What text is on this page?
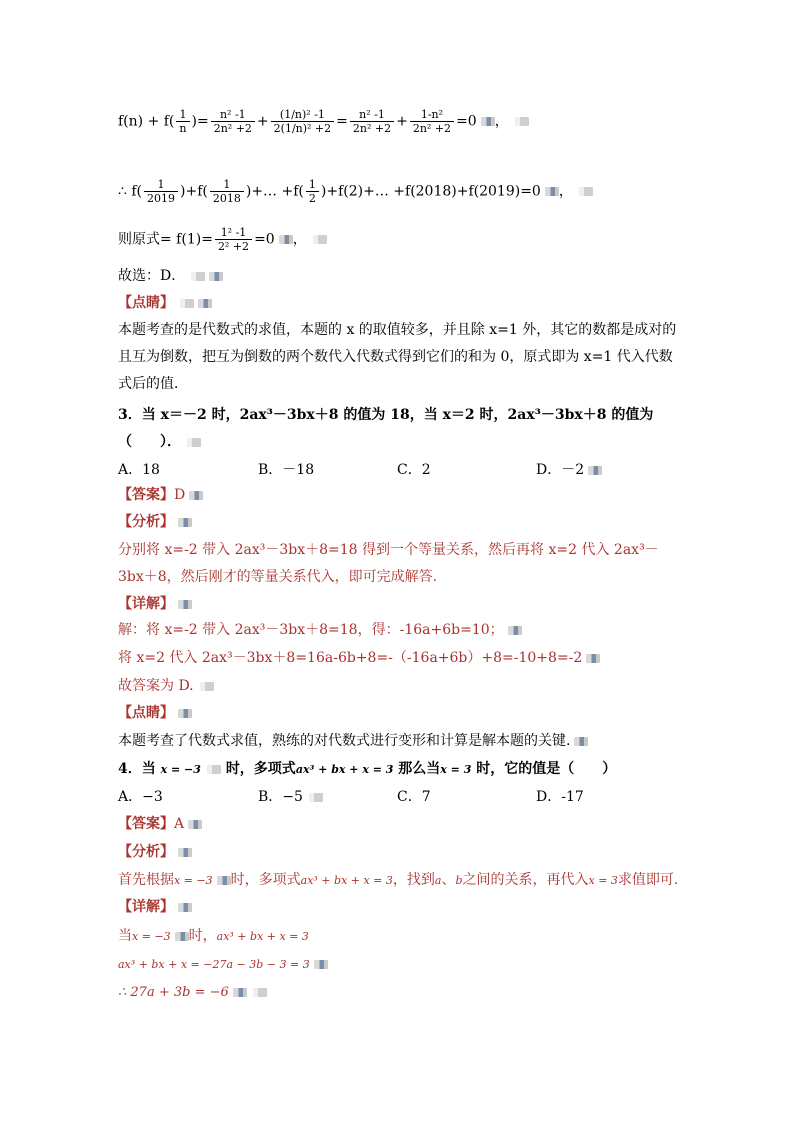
$f(n) + f( \frac{1}{n}$ )= $\frac{\text{n² -1}}{\text{2n² +2}} + \frac{\text{(1/n)² -1}}{\text{2(1/n)² +2}} = \frac{\text{n² -1}}{\text{2n² +2}} + \frac{\text{1-n²}}{\text{2n² +2}} =0$ ，
∴ $f( \frac{1}{2019} )+f( \frac{1}{2018}$ )+… $+f( \frac{1}{2}$ )+f(2)+… +f(2018)+f(2019)=0 ，
则原式= $f(1)= \frac{\text{1² -1}}{\text{2² +2}} =0$ ，
故选：D．
【点睛】
本题考查的是代数式的求值，本题的 x 的取值较多，并且除 x=1 外，其它的数都是成对的且互为倒数，把互为倒数的两个数代入代数式得到它们的和为 0，原式即为 x=1 代入代数式后的值．
3．当 x＝－2 时，2ax³－3bx＋8 的值为 18，当 x＝2 时，2ax³－3bx＋8 的值为
（　　）．
A．18	B．－18	C．2	D．－2
【答案】D
【分析】
分别将 x=-2 带入 2ax³－3bx＋8=18 得到一个等量关系，然后再将 x=2 代入 2ax³－3bx＋8，然后刚才的等量关系代入，即可完成解答.
【详解】
解：将 x=-2 带入 2ax³－3bx＋8=18，得：-16a+6b=10；
将 x=2 代入 2ax³－3bx＋8=16a-6b+8=-（-16a+6b）+8=-10+8=-2
故答案为 D.
【点睛】
本题考查了代数式求值，熟练的对代数式进行变形和计算是解本题的关键.
4．当 x = −3 时，多项式ax³ + bx + x = 3 那么当x = 3 时，它的值是（　　）
A．−3	B．−5	C．7	D．-17
【答案】A
【分析】
首先根据x = −3 时，多项式ax³ + bx + x = 3，找到a、b之间的关系，再代入x = 3求值即可.
【详解】
当x = −3 时，ax³ + bx + x = 3
ax³ + bx + x = −27a − 3b − 3 = 3
∴ 27a + 3b = −6
